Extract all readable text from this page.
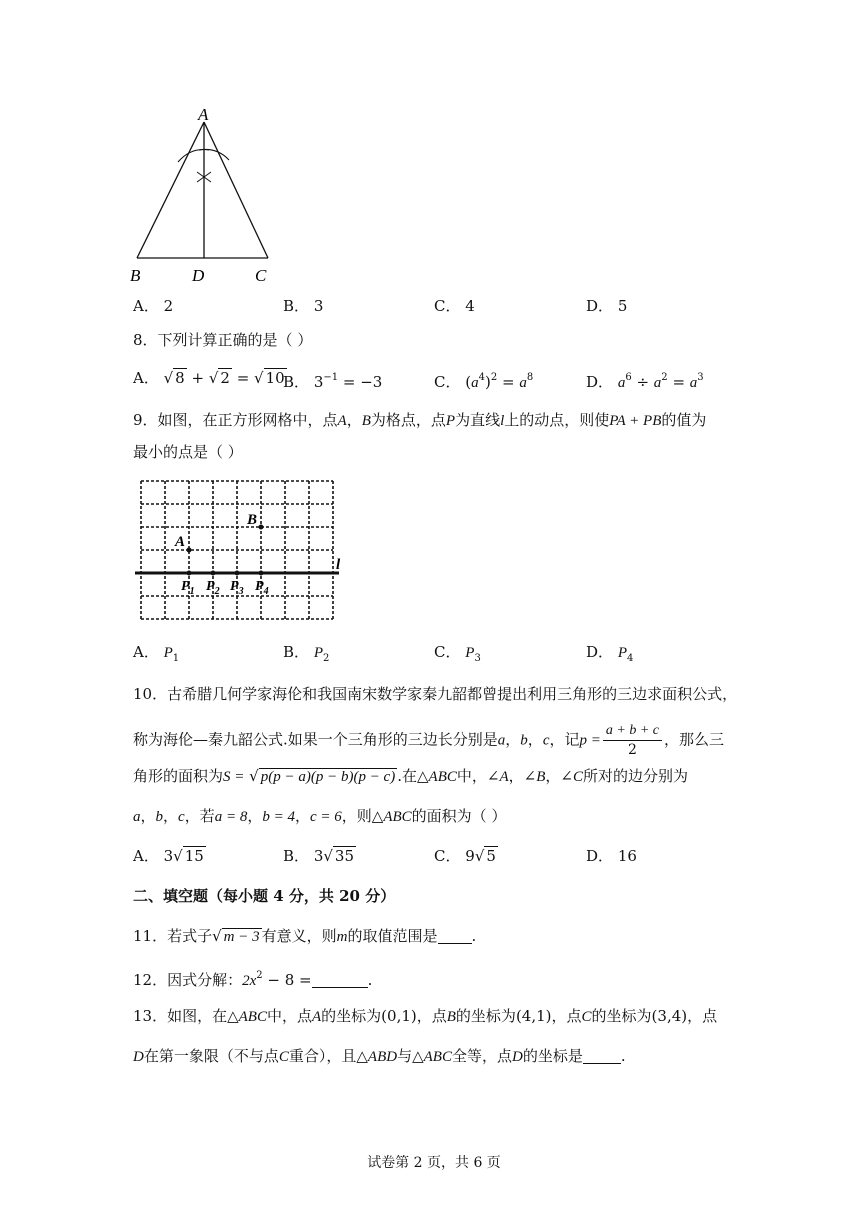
A
B	D	C
A． 2	B． 3	C． 4	D． 5
8．下列计算正确的是（ ）
A． √ 8 + √ 2 = √ 10
B． $3^{-1} = -3$	C． $(a^4)^2 = a^8$	D． $a^6 \div a^2 = a^3$
9．如图，在正方形网格中，点A，B为格点，点P为直线l上的动点，则使PA + PB的值为
最小的点是（ ）
A
B
l
$P_1$ $P_2$ $P_3$ $P_4$
A． $P_1$	B． $P_2$	C． $P_3$	D． $P_4$
10．古希腊几何学家海伦和我国南宋数学家秦九韶都曾提出利用三角形的三边求面积公式，
称为海伦—秦九韶公式.如果一个三角形的三边长分别是a，b，c，记$p = \frac{a + b + c}{2}$ ，那么三
角形的面积为S = √ p(p − a)(p − b)(p − c) .在△ABC中，∠A，∠B，∠C所对的边分别为
a，b，c，若a = 8，b = 4，c = 6，则△ABC的面积为（ ）
A． 3√ 15	B． 3√ 35	C． 9√ 5	D． 16
二、填空题（每小题 4 分，共 20 分）
11．若式子√ m − 3 有意义，则m的取值范围是 .
12．因式分解：$2x^2 - 8$ =	.
13．如图，在△ABC中，点A的坐标为(0,1)，点B的坐标为(4,1)，点C的坐标为(3,4)，点
D在第一象限（不与点C重合），且△ABD与△ABC全等，点D的坐标是	.
试卷第 2 页，共 6 页
